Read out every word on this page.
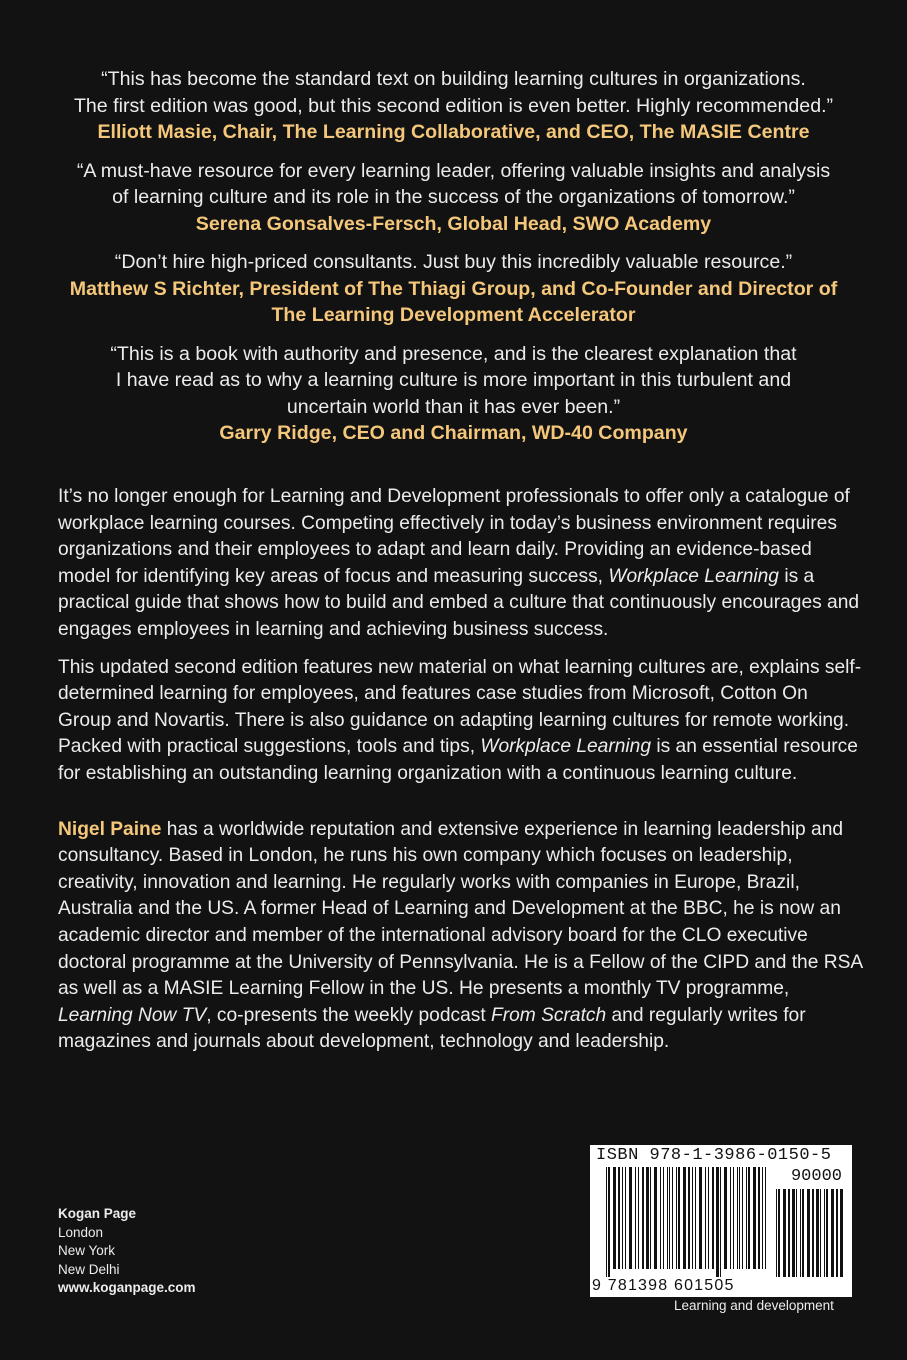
“This has become the standard text on building learning cultures in organizations.
The first edition was good, but this second edition is even better. Highly recommended.”
Elliott Masie, Chair, The Learning Collaborative, and CEO, The MASIE Centre
“A must-have resource for every learning leader, offering valuable insights and analysis
of learning culture and its role in the success of the organizations of tomorrow.”
Serena Gonsalves-Fersch, Global Head, SWO Academy
“Don’t hire high-priced consultants. Just buy this incredibly valuable resource.”
Matthew S Richter, President of The Thiagi Group, and Co-Founder and Director of
The Learning Development Accelerator
“This is a book with authority and presence, and is the clearest explanation that
I have read as to why a learning culture is more important in this turbulent and
uncertain world than it has ever been.”
Garry Ridge, CEO and Chairman, WD-40 Company

It’s no longer enough for Learning and Development professionals to offer only a catalogue of workplace learning courses. Competing effectively in today’s business environment requires organizations and their employees to adapt and learn daily. Providing an evidence-based model for identifying key areas of focus and measuring success, Workplace Learning is a practical guide that shows how to build and embed a culture that continuously encourages and engages employees in learning and achieving business success.

This updated second edition features new material on what learning cultures are, explains self-determined learning for employees, and features case studies from Microsoft, Cotton On Group and Novartis. There is also guidance on adapting learning cultures for remote working. Packed with practical suggestions, tools and tips, Workplace Learning is an essential resource for establishing an outstanding learning organization with a continuous learning culture.

Nigel Paine has a worldwide reputation and extensive experience in learning leadership and consultancy. Based in London, he runs his own company which focuses on leadership, creativity, innovation and learning. He regularly works with companies in Europe, Brazil, Australia and the US. A former Head of Learning and Development at the BBC, he is now an academic director and member of the international advisory board for the CLO executive doctoral programme at the University of Pennsylvania. He is a Fellow of the CIPD and the RSA as well as a MASIE Learning Fellow in the US. He presents a monthly TV programme, Learning Now TV, co-presents the weekly podcast From Scratch and regularly writes for magazines and journals about development, technology and leadership.

Kogan Page
London
New York
New Delhi
www.koganpage.com
ISBN 978-1-3986-0150-5
90000
9 781398 601505
Learning and development
